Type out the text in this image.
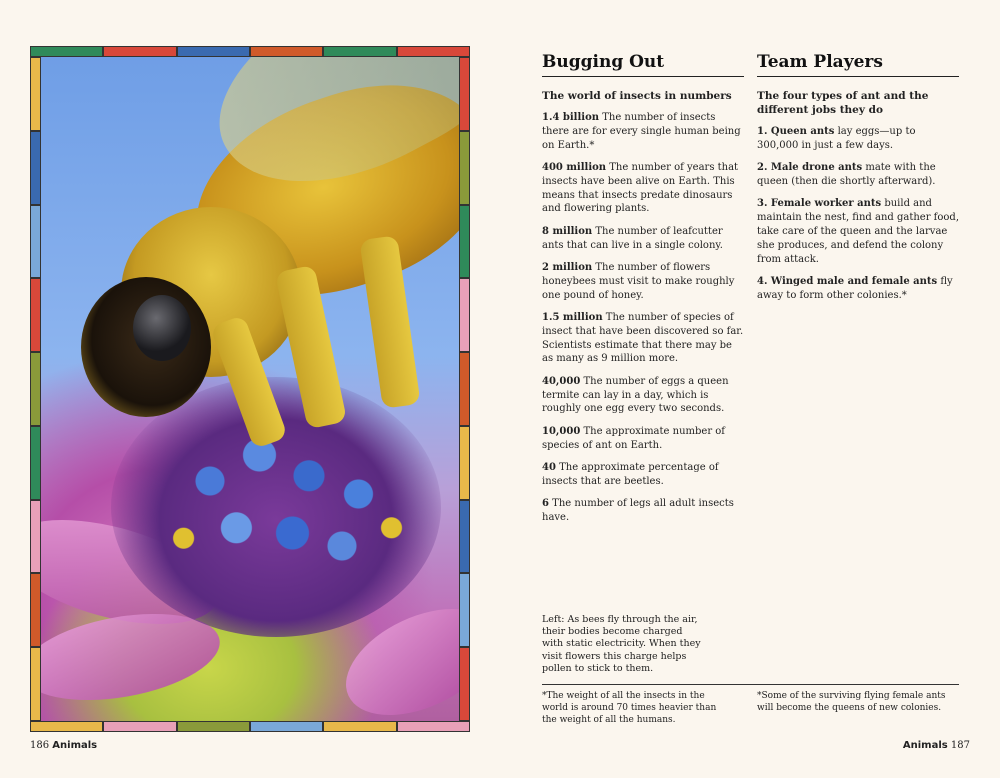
Bugging Out

The world of insects in numbers

1.4 billion The number of insects there are for every single human being on Earth.*

400 million The number of years that insects have been alive on Earth. This means that insects predate dinosaurs and flowering plants.

8 million The number of leafcutter ants that can live in a single colony.

2 million The number of flowers honeybees must visit to make roughly one pound of honey.

1.5 million The number of species of insect that have been discovered so far. Scientists estimate that there may be as many as 9 million more.

40,000 The number of eggs a queen termite can lay in a day, which is roughly one egg every two seconds.

10,000 The approximate number of species of ant on Earth.

40 The approximate percentage of insects that are beetles.

6 The number of legs all adult insects have.

Team Players

The four types of ant and the different jobs they do

1. Queen ants lay eggs—up to 300,000 in just a few days.

2. Male drone ants mate with the queen (then die shortly afterward).

3. Female worker ants build and maintain the nest, find and gather food, take care of the queen and the larvae she produces, and defend the colony from attack.

4. Winged male and female ants fly away to form other colonies.*

Left: As bees fly through the air, their bodies become charged with static electricity. When they visit flowers this charge helps pollen to stick to them.
*The weight of all the insects in the world is around 70 times heavier than the weight of all the humans.
*Some of the surviving flying female ants will become the queens of new colonies.
186 Animals	Animals 187
